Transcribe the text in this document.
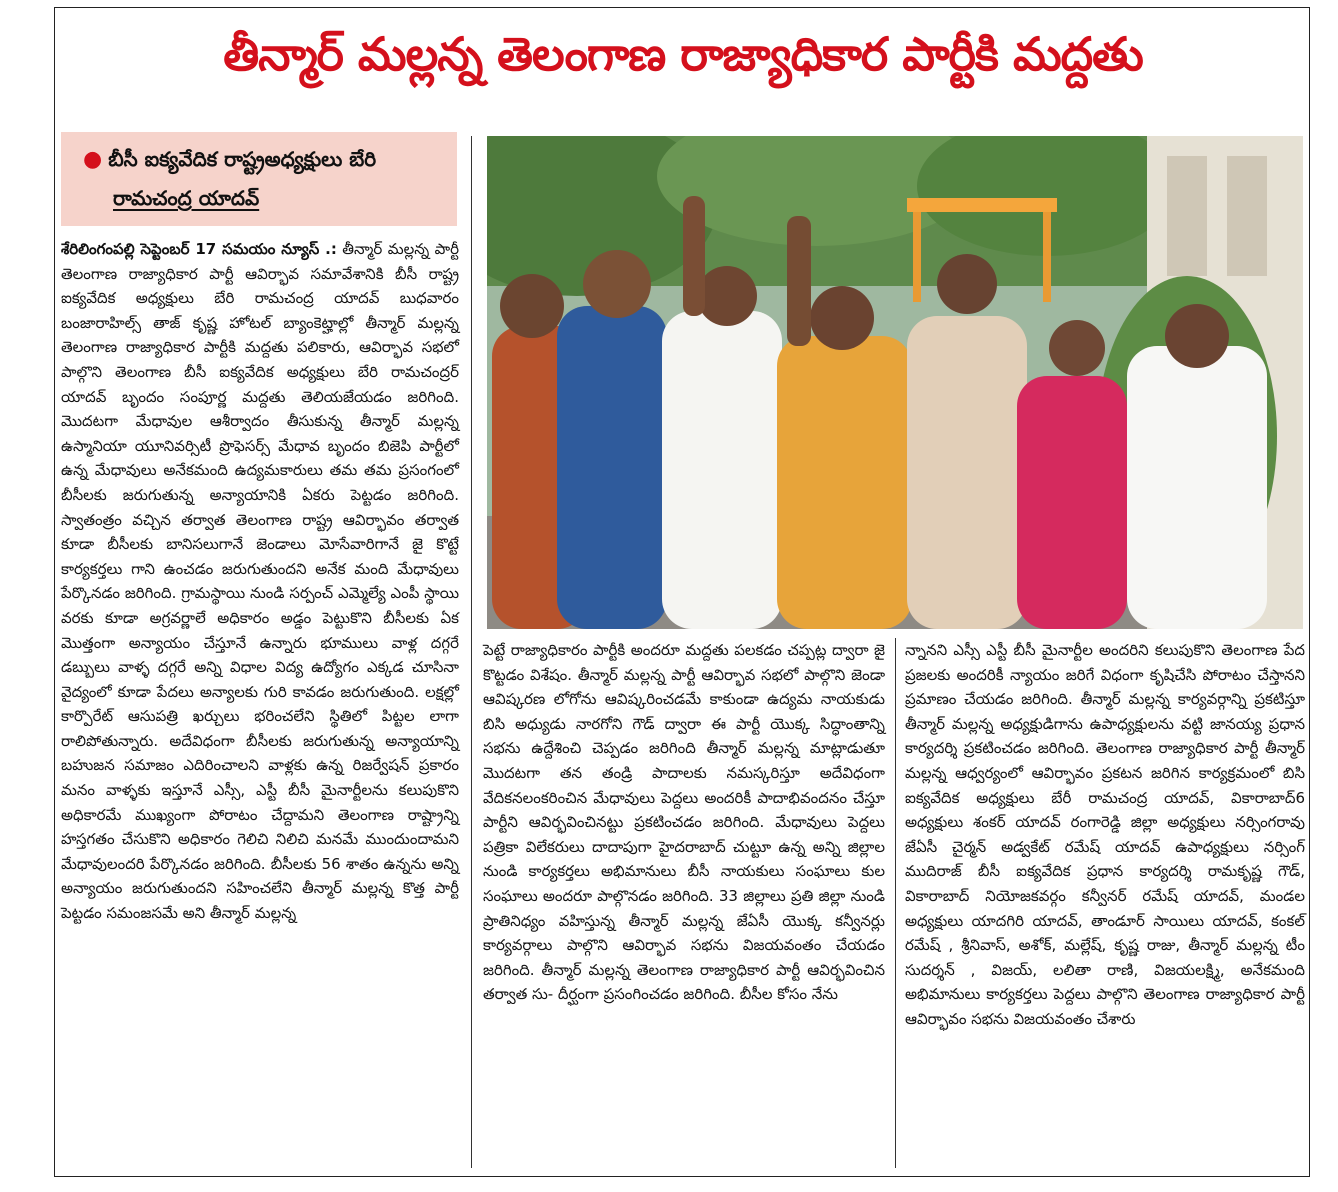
తీన్మార్ మల్లన్న తెలంగాణ రాజ్యాధికార పార్టీకి మద్దతు
● బీసీ ఐక్యవేదిక రాష్ట్రఅధ్యక్షులు బేరి
రామచంద్ర యాదవ్

శేరిలింగంపల్లి సెప్టెంబర్ 17 సమయం న్యూస్ .: తీన్మార్ మల్లన్న పార్టీ తెలంగాణ రాజ్యాధికార పార్టీ ఆవిర్భావ సమావేశానికి బీసీ రాష్ట్ర ఐక్యవేదిక అధ్యక్షులు బేరి రామచంద్ర యాదవ్ బుధవారం బంజారాహిల్స్ తాజ్ కృష్ణ హోటల్ బ్యాంకెట్హాల్లో తీన్మార్ మల్లన్న తెలంగాణ రాజ్యాధికార పార్టీకి మద్దతు పలికారు, ఆవిర్భావ సభలో పాల్గొని తెలంగాణ బీసీ ఐక్యవేదిక అధ్యక్షులు బేరి రామచంద్రర్ యాదవ్ బృందం సంపూర్ణ మద్దతు తెలియజేయడం జరిగింది. మొదటగా మేధావుల ఆశీర్వాదం తీసుకున్న తీన్మార్ మల్లన్న ఉస్మానియా యూనివర్సిటీ ప్రొఫెసర్స్ మేధావ బృందం బిజెపి పార్టీలో ఉన్న మేధావులు అనేకమంది ఉద్యమకారులు తమ తమ ప్రసంగంలో బీసీలకు జరుగుతున్న అన్యాయానికి ఏకరు పెట్టడం జరిగింది. స్వాతంత్రం వచ్చిన తర్వాత తెలంగాణ రాష్ట్ర ఆవిర్భావం తర్వాత కూడా బీసీలకు బానిసలుగానే జెండాలు మోసేవారిగానే జై కొట్టే కార్యకర్తలు గాని ఉంచడం జరుగుతుందని అనేక మంది మేధావులు పేర్కొనడం జరిగింది. గ్రామస్థాయి నుండి సర్పంచ్ ఎమ్మెల్యే ఎంపీ స్థాయి వరకు కూడా అగ్రవర్ణాలే అధికారం అడ్డం పెట్టుకొని బీసీలకు ఏక మొత్తంగా అన్యాయం చేస్తూనే ఉన్నారు భూములు వాళ్ల దగ్గరే డబ్బులు వాళ్ళ దగ్గరే అన్ని విధాల విద్య ఉద్యోగం ఎక్కడ చూసినా వైద్యంలో కూడా పేదలు అన్యాలకు గురి కావడం జరుగుతుంది. లక్షల్లో కార్పొరేట్ ఆసుపత్రి ఖర్చులు భరించలేని స్థితిలో పిట్టల లాగా రాలిపోతున్నారు. అదేవిధంగా బీసీలకు జరుగుతున్న అన్యాయాన్ని బహుజన సమాజం ఎదిరించాలని వాళ్లకు ఉన్న రిజర్వేషన్ ప్రకారం మనం వాళ్ళకు ఇస్తూనే ఎస్సీ, ఎస్టీ బీసీ మైనార్టీలను కలుపుకొని అధికారమే ముఖ్యంగా పోరాటం చేద్దామని తెలంగాణ రాష్ట్రాన్ని హస్తగతం చేసుకొని అధికారం గెలిచి నిలిచి మనమే ముందుందామని మేధావులందరి పేర్కొనడం జరిగింది. బీసీలకు 56 శాతం ఉన్నను అన్ని అన్యాయం జరుగుతుందని సహించలేని తీన్మార్ మల్లన్న కొత్త పార్టీ పెట్టడం సమంజసమే అని తీన్మార్ మల్లన్న

పెట్టే రాజ్యాధికారం పార్టీకి అందరూ మద్దతు పలకడం చప్పట్ల ద్వారా జై కొట్టడం విశేషం. తీన్మార్ మల్లన్న పార్టీ ఆవిర్భావ సభలో పాల్గొని జెండా ఆవిష్కరణ లోగోను ఆవిష్కరించడమే కాకుండా ఉద్యమ నాయకుడు బిసి అధ్యుడు నారగోని గౌడ్ ద్వారా ఈ పార్టీ యొక్క సిద్ధాంతాన్ని సభను ఉద్దేశించి చెప్పడం జరిగింది తీన్మార్ మల్లన్న మాట్లాడుతూ మొదటగా తన తండ్రి పాదాలకు నమస్కరిస్తూ అదేవిధంగా వేదికనలంకరించిన మేధావులు పెద్దలు అందరికీ పాదాభివందనం చేస్తూ పార్టీని ఆవిర్భవించినట్టు ప్రకటించడం జరిగింది. మేధావులు పెద్దలు పత్రికా విలేకరులు దాదాపుగా హైదరాబాద్ చుట్టూ ఉన్న అన్ని జిల్లాల నుండి కార్యకర్తలు అభిమానులు బీసీ నాయకులు సంఘాలు కుల సంఘాలు అందరూ పాల్గొనడం జరిగింది. 33 జిల్లాలు ప్రతి జిల్లా నుండి ప్రాతినిధ్యం వహిస్తున్న తీన్మార్ మల్లన్న జేఏసీ యొక్క కన్వీనర్లు కార్యవర్గాలు పాల్గొని ఆవిర్భావ సభను విజయవంతం చేయడం జరిగింది. తీన్మార్ మల్లన్న తెలంగాణ రాజ్యాధికార పార్టీ ఆవిర్భవించిన తర్వాత సు- దీర్ఘంగా ప్రసంగించడం జరిగింది. బీసీల కోసం నేను

న్నానని ఎస్సీ ఎస్టీ బీసీ మైనార్టీల అందరిని కలుపుకొని తెలంగాణ పేద ప్రజలకు అందరికీ న్యాయం జరిగే విధంగా కృషిచేసి పోరాటం చేస్తానని ప్రమాణం చేయడం జరిగింది. తీన్మార్ మల్లన్న కార్యవర్గాన్ని ప్రకటిస్తూ తీన్మార్ మల్లన్న అధ్యక్షుడిగాను ఉపాధ్యక్షులను వట్టి జానయ్య ప్రధాన కార్యదర్శి ప్రకటించడం జరిగింది. తెలంగాణ రాజ్యాధికార పార్టీ తీన్మార్ మల్లన్న ఆధ్వర్యంలో ఆవిర్భావం ప్రకటన జరిగిన కార్యక్రమంలో బిసి ఐక్యవేదిక అధ్యక్షులు బేరీ రామచంద్ర యాదవ్, వికారాబాద్6 అధ్యక్షులు శంకర్ యాదవ్ రంగారెడ్డి జిల్లా అధ్యక్షులు నర్సింగరావు జేఏసీ చైర్మన్ అడ్వకేట్ రమేష్ యాదవ్ ఉపాధ్యక్షులు నర్సింగ్ ముదిరాజ్ బీసీ ఐక్యవేదిక ప్రధాన కార్యదర్శి రామకృష్ణ గౌడ్, వికారాబాద్ నియోజకవర్గం కన్వీనర్ రమేష్ యాదవ్, మండల అధ్యక్షులు యాదగిరి యాదవ్, తాండూర్ సాయిలు యాదవ్, కంకల్ రమేష్ , శ్రీనివాస్, అశోక్, మల్లేష్, కృష్ణ రాజు, తీన్మార్ మల్లన్న టీం సుదర్శన్ , విజయ్, లలితా రాణి, విజయలక్ష్మి, అనేకమంది అభిమానులు కార్యకర్తలు పెద్దలు పాల్గొని తెలంగాణ రాజ్యాధికార పార్టీ ఆవిర్భావం సభను విజయవంతం చేశారు
